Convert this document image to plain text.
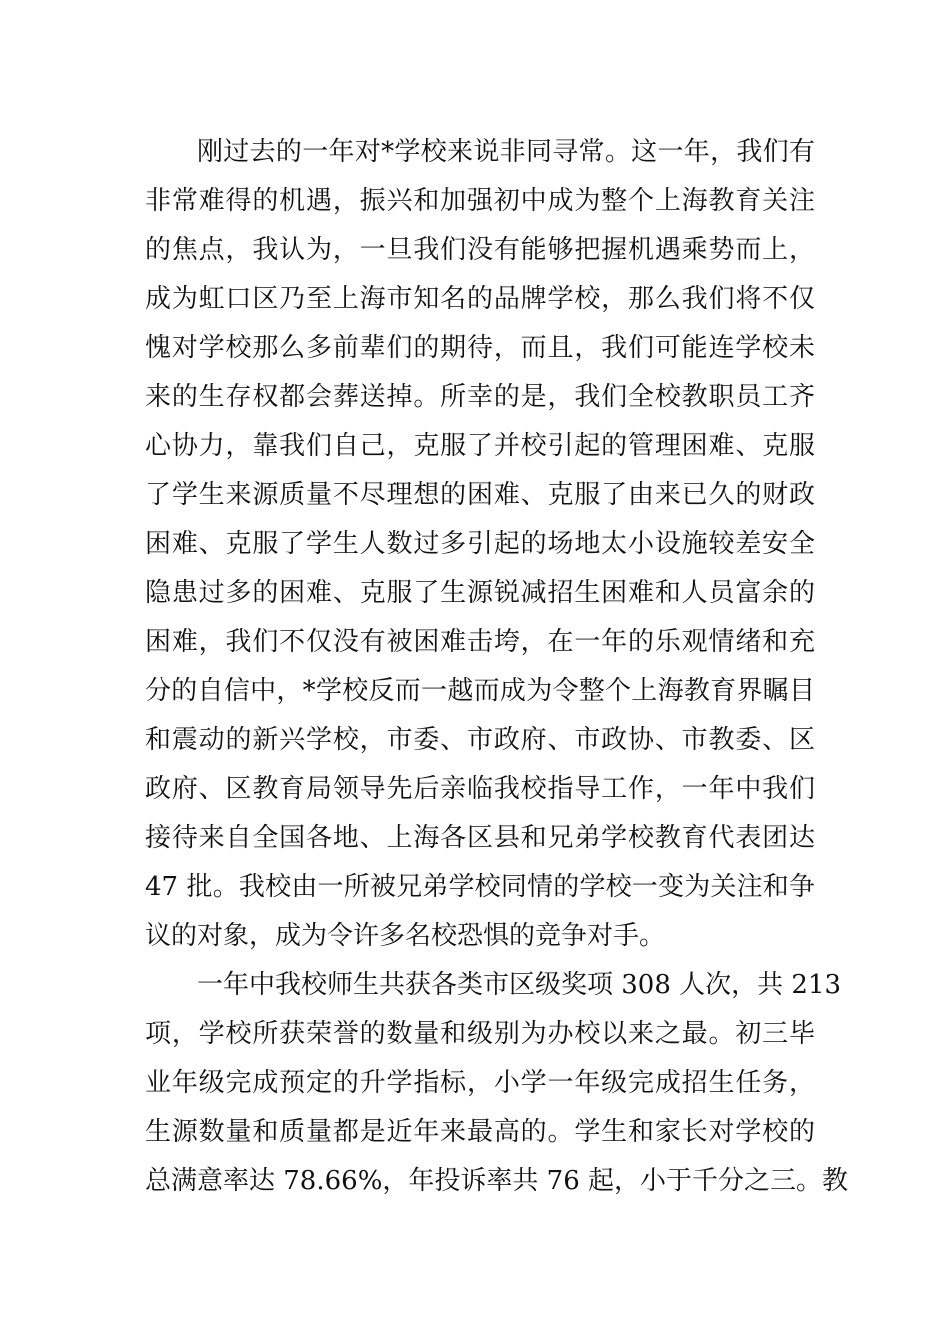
刚过去的一年对*学校来说非同寻常。这一年，我们有
非常难得的机遇，振兴和加强初中成为整个上海教育关注
的焦点，我认为，一旦我们没有能够把握机遇乘势而上，
成为虹口区乃至上海市知名的品牌学校，那么我们将不仅
愧对学校那么多前辈们的期待，而且，我们可能连学校未
来的生存权都会葬送掉。所幸的是，我们全校教职员工齐
心协力，靠我们自己，克服了并校引起的管理困难、克服
了学生来源质量不尽理想的困难、克服了由来已久的财政
困难、克服了学生人数过多引起的场地太小设施较差安全
隐患过多的困难、克服了生源锐减招生困难和人员富余的
困难，我们不仅没有被困难击垮，在一年的乐观情绪和充
分的自信中，*学校反而一越而成为令整个上海教育界瞩目
和震动的新兴学校，市委、市政府、市政协、市教委、区
政府、区教育局领导先后亲临我校指导工作，一年中我们
接待来自全国各地、上海各区县和兄弟学校教育代表团达
47 批。我校由一所被兄弟学校同情的学校一变为关注和争
议的对象，成为令许多名校恐惧的竞争对手。

一年中我校师生共获各类市区级奖项 308 人次，共 213
项，学校所获荣誉的数量和级别为办校以来之最。初三毕
业年级完成预定的升学指标，小学一年级完成招生任务，
生源数量和质量都是近年来最高的。学生和家长对学校的
总满意率达 78.66%，年投诉率共 76 起，小于千分之三。教
